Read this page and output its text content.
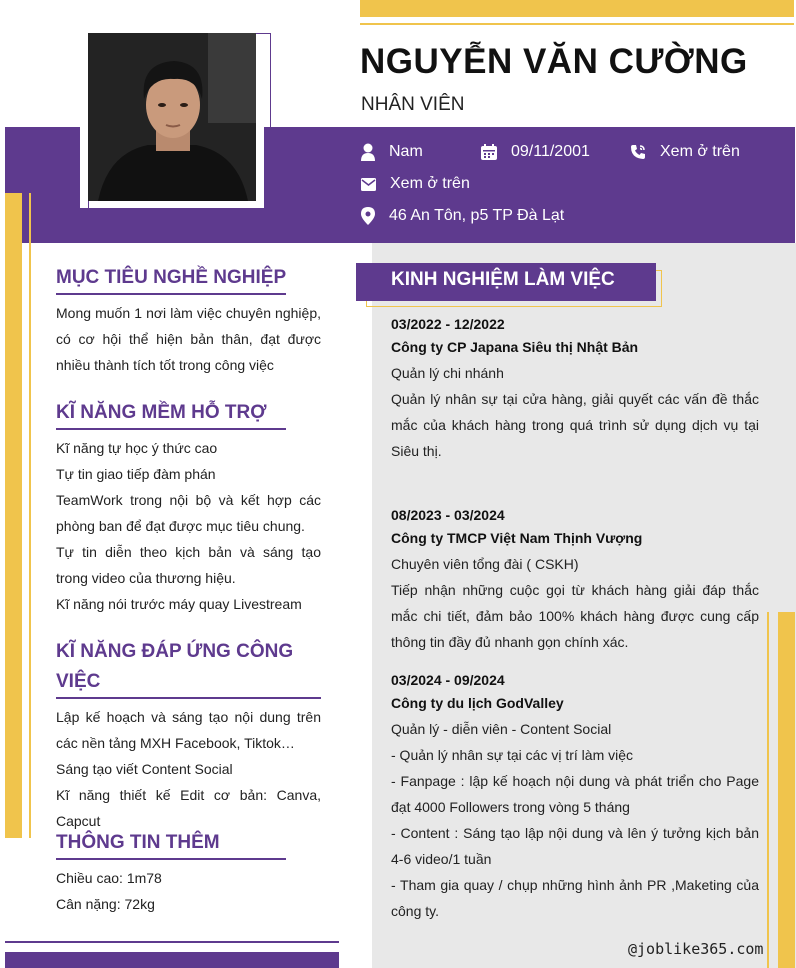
NGUYỄN VĂN CƯỜNG
NHÂN VIÊN
Nam	09/11/2001	Xem ở trên
Xem ở trên
46 An Tôn, p5 TP Đà Lạt
MỤC TIÊU NGHỀ NGHIỆP
Mong muốn 1 nơi làm việc chuyên nghiệp, có cơ hội thể hiện bản thân, đạt được nhiều thành tích tốt trong công việc
KĨ NĂNG MỀM HỖ TRỢ
Kĩ năng tự học ý thức cao
Tự tin giao tiếp đàm phán
TeamWork trong nội bộ và kết hợp các phòng ban để đạt được mục tiêu chung.
Tự tin diễn theo kịch bản và sáng tạo trong video của thương hiệu.
Kĩ năng nói trước máy quay Livestream
KĨ NĂNG ĐÁP ỨNG CÔNG VIỆC
Lập kế hoạch và sáng tạo nội dung trên các nền tảng MXH Facebook, Tiktok…
Sáng tạo viết Content Social
Kĩ năng thiết kế Edit cơ bản: Canva, Capcut
THÔNG TIN THÊM
Chiều cao: 1m78
Cân nặng: 72kg
KINH NGHIỆM LÀM VIỆC
03/2022 - 12/2022
Công ty CP Japana Siêu thị Nhật Bản
Quản lý chi nhánh
Quản lý nhân sự tại cửa hàng, giải quyết các vấn đề thắc mắc của khách hàng trong quá trình sử dụng dịch vụ tại Siêu thị.
08/2023 - 03/2024
Công ty TMCP Việt Nam Thịnh Vượng
Chuyên viên tổng đài ( CSKH)
Tiếp nhận những cuộc gọi từ khách hàng giải đáp thắc mắc chi tiết, đảm bảo 100% khách hàng được cung cấp thông tin đầy đủ nhanh gọn chính xác.
03/2024 - 09/2024
Công ty du lịch GodValley
Quản lý - diễn viên - Content Social
- Quản lý nhân sự tại các vị trí làm việc
- Fanpage : lập kế hoạch nội dung và phát triển cho Page đạt 4000 Followers trong vòng 5 tháng
- Content : Sáng tạo lập nội dung và lên ý tưởng kịch bản 4-6 video/1 tuần
- Tham gia quay / chụp những hình ảnh PR ,Maketing của công ty.
@joblike365.com
